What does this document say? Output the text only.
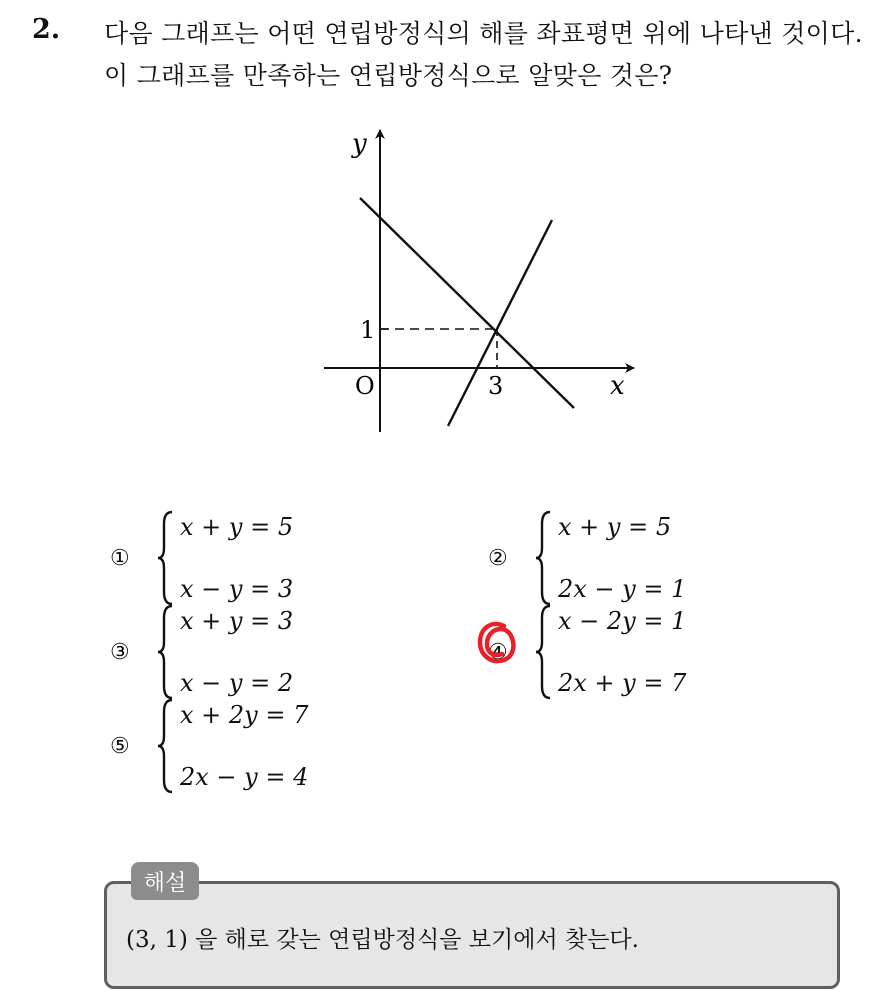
2. 다음 그래프는 어떤 연립방정식의 해를 좌표평면 위에 나타낸 것이다.
이 그래프를 만족하는 연립방정식으로 알맞은 것은?
y
x
O	3
1
①
x + y = 5
x − y = 3
②
x + y = 5
2x − y = 1
③
x + y = 3
x − y = 2
④
x − 2y = 1
2x + y = 7
⑤
x + 2y = 7
2x − y = 4
해설
(3, 1) 을 해로 갖는 연립방정식을 보기에서 찾는다.
